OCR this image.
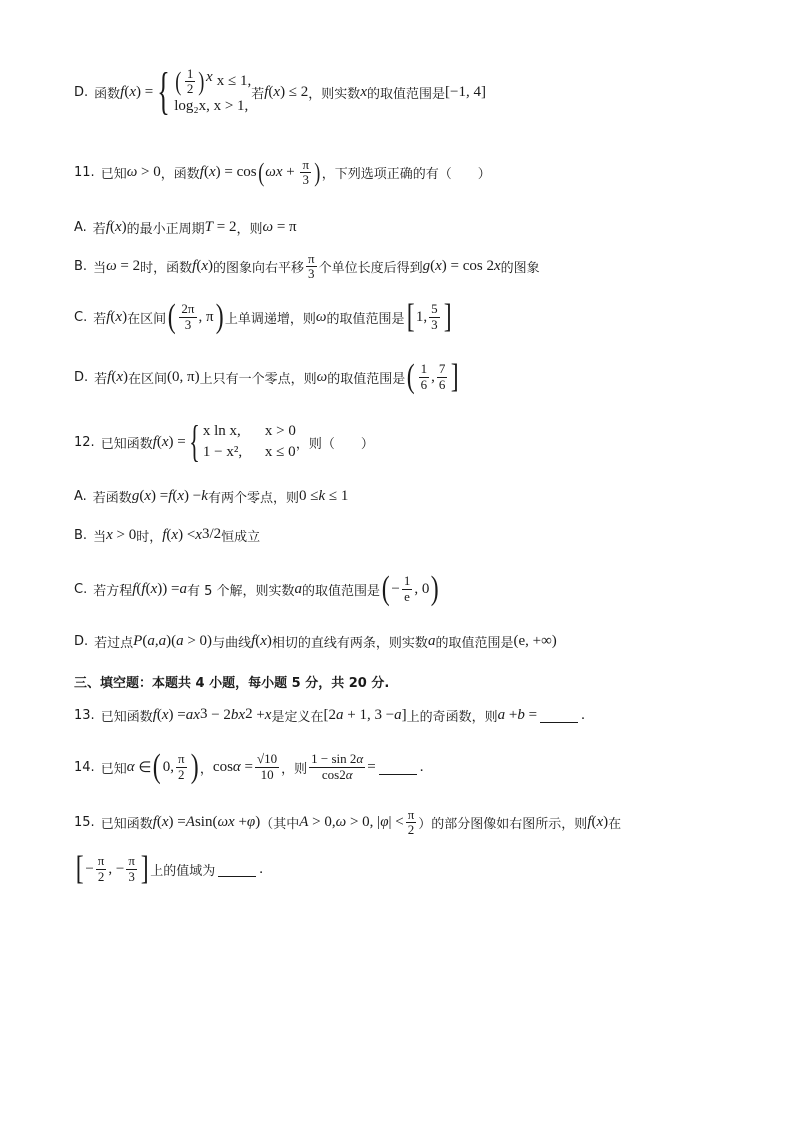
D. 函数 f ( x ) = { ( $\frac{1}{2}$ ) x x ≤ 1,
log₂x, x > 1,
若 f ( x ) ≤ 2 ，则实数 x 的取值范围是 [−1, 4]
11. 已知 ω > 0 ，函数 f ( x ) = cos ( $\omega x + \frac{\pi}{3}$ ) ，下列选项正确的有（　　）
A. 若 f ( x ) 的最小正周期 T = 2 ，则 ω = π
B. 当 ω = 2 时，函数 f ( x ) 的图象向右平移 $\frac{\pi}{3}$ 个单位长度后得到 g ( x ) = cos 2 x 的图象
C. 若 f ( x ) 在区间 ( $\frac{2\pi}{3}$ , π ) 上单调递增，则 ω 的取值范围是 [ 1, $\frac{5}{3}$ ]
D. 若 f ( x ) 在区间 (0, π) 上只有一个零点，则 ω 的取值范围是 ( $\frac{1}{6}$ , $\frac{7}{6}$ ]
12. 已知函数 f ( x ) = { x ln x, x > 0
1 − x², x ≤ 0 ，则（　　）
A. 若函数 g ( x ) = f ( x ) − k 有两个零点，则 0 ≤ k ≤ 1
B. 当 x > 0 时， f ( x ) < x 3/2 恒成立
C. 若方程 f ( f ( x )) = a 有 5 个解，则实数 a 的取值范围是 ( − $\frac{1}{e}$ , 0 )
D. 若过点 P ( a , a )( a > 0) 与曲线 f ( x ) 相切的直线有两条，则实数 a 的取值范围是 (e, +∞)
三、填空题：本题共 4 小题，每小题 5 分，共 20 分.
13. 已知函数 f ( x ) = ax 3 − 2 bx 2 + x 是定义在 [2 a + 1, 3 − a ] 上的奇函数，则 a + b =	.
14. 已知 α ∈ ( 0, $\frac{\pi}{2}$ ) ， $\cos \alpha = \frac{√10}{10}$ ，则 $\frac{1 - \sin 2\alpha}{\cos 2\alpha}$ =	.
15. 已知函数 f ( x ) = A sin( ωx + φ ) （其中 A > 0, ω > 0, | φ | < $\frac{\pi}{2}$ ）的部分图像如右图所示，则 f ( x ) 在
[ − $\frac{\pi}{2}$ , − $\frac{\pi}{3}$ ] 上的值域为	.
